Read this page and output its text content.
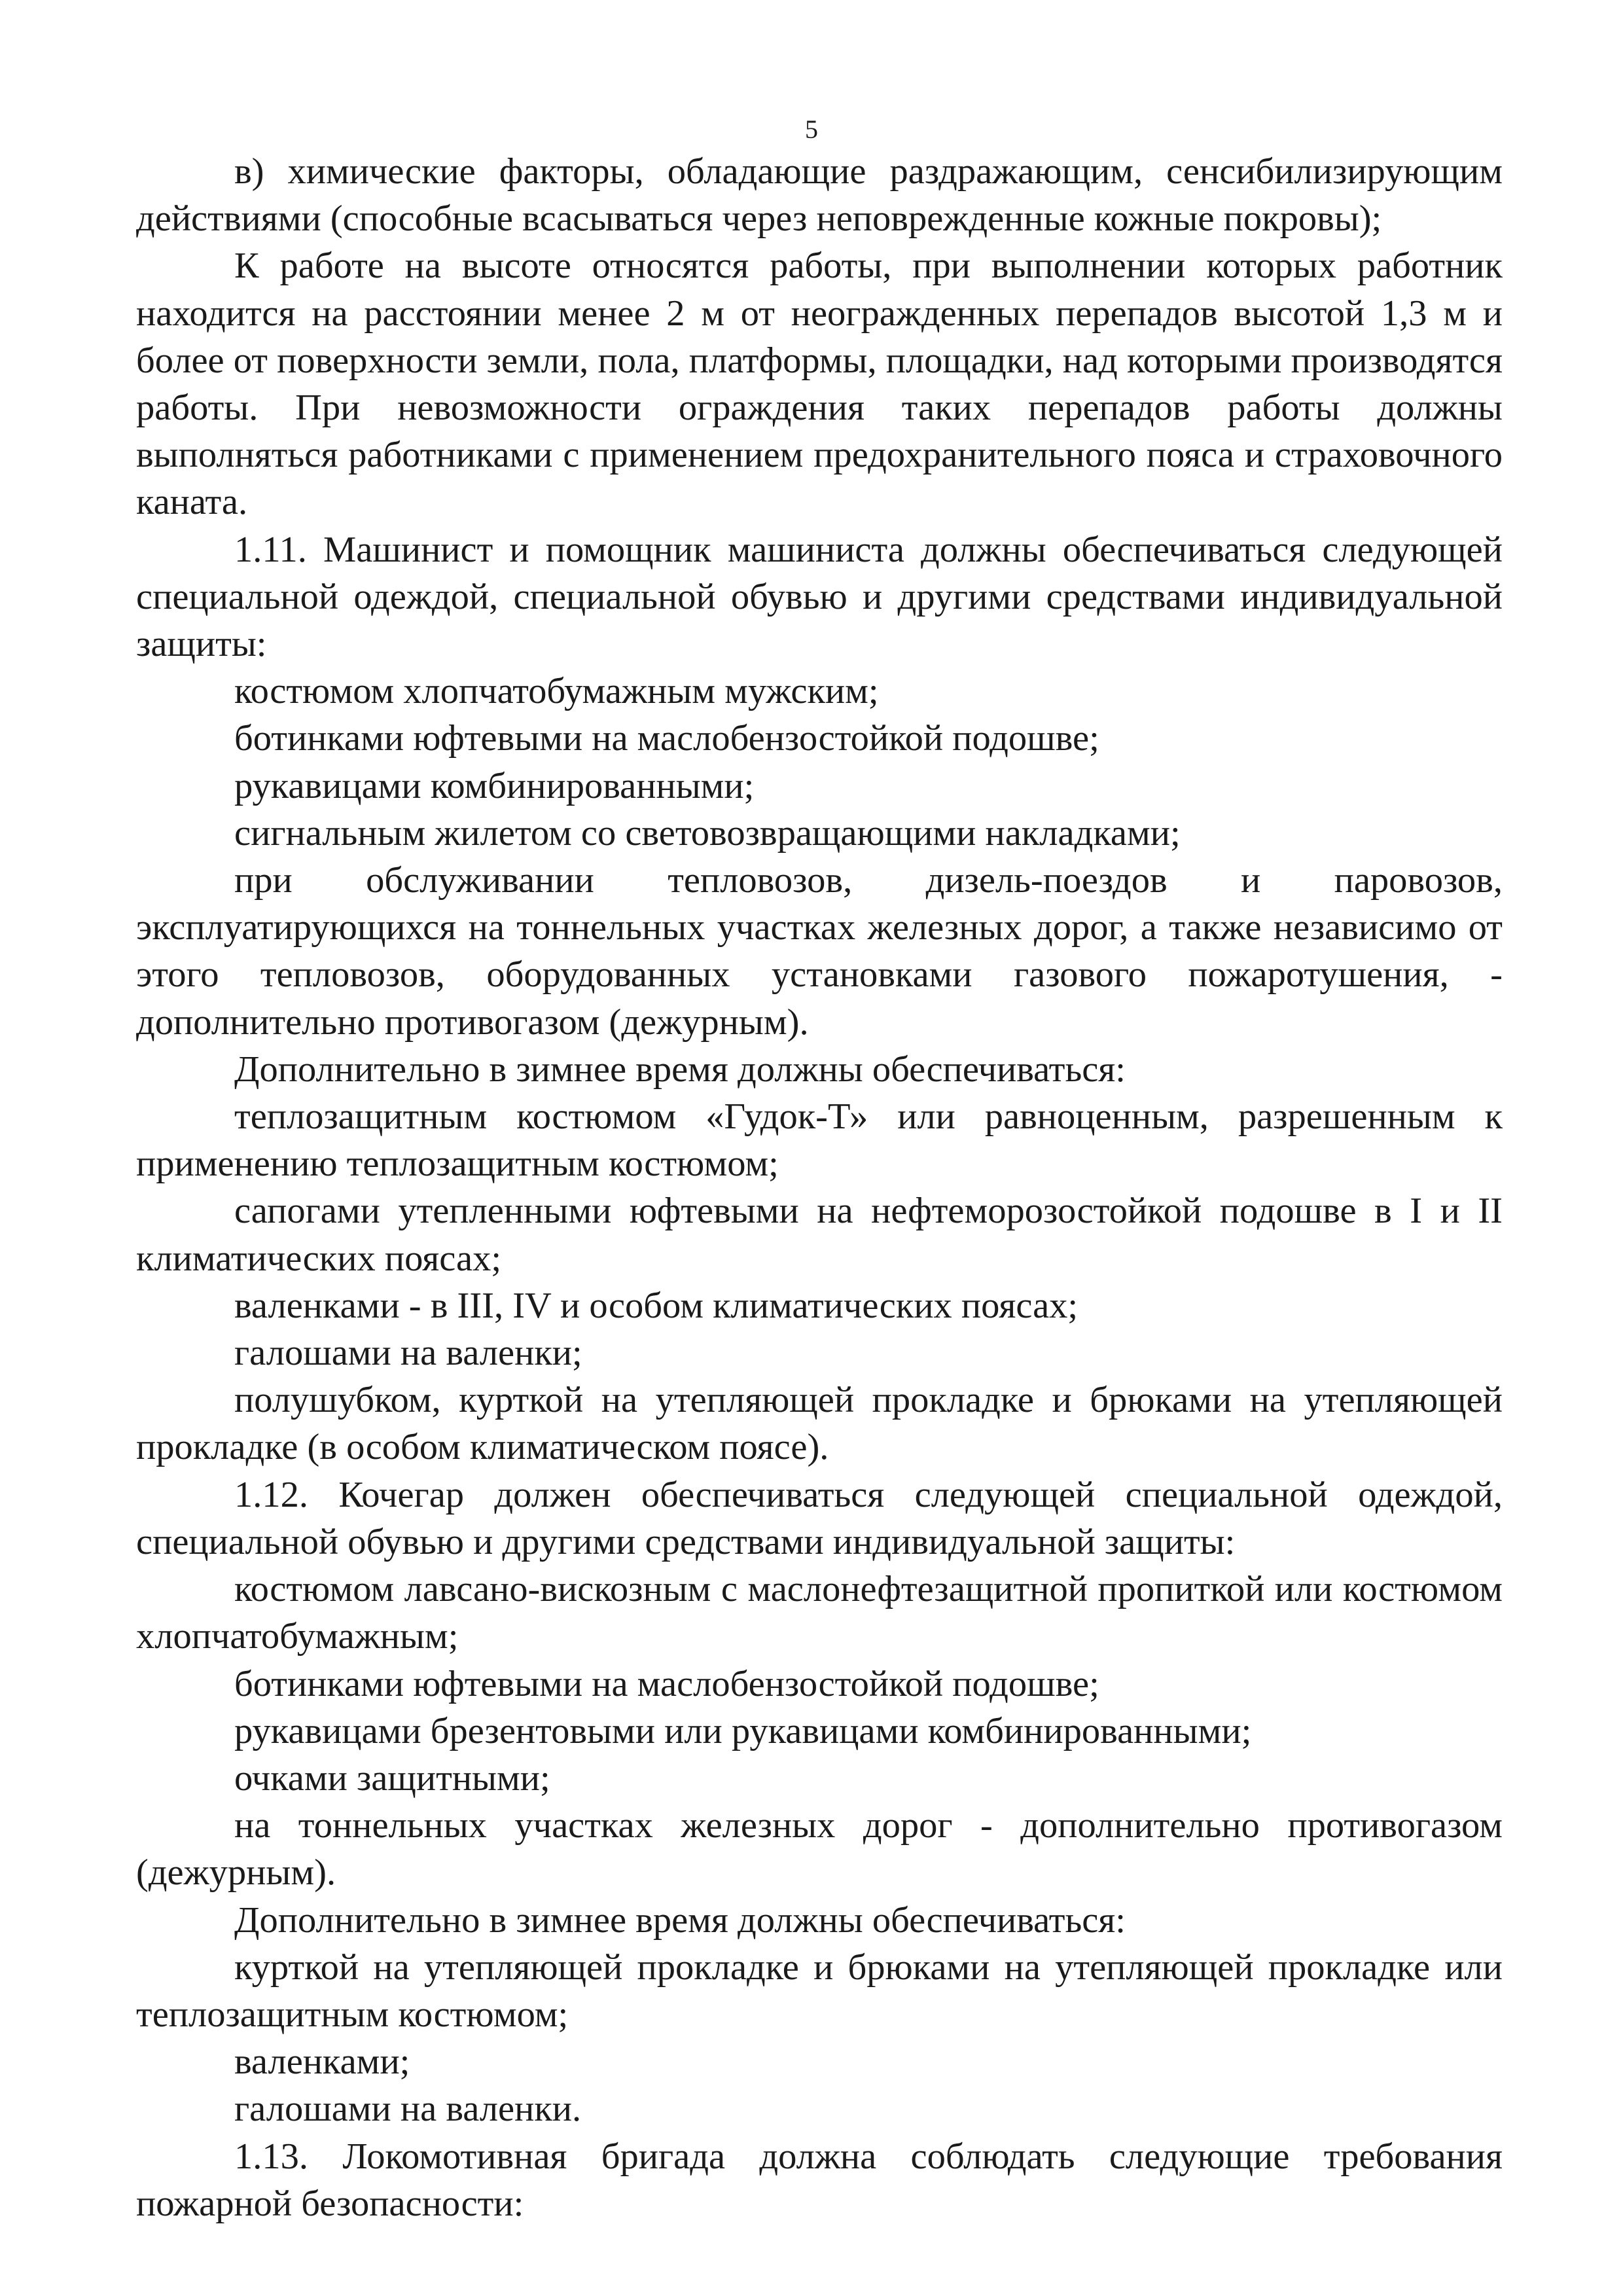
5

в) химические факторы, обладающие раздражающим, сенсибилизирующим действиями (способные всасываться через неповрежденные кожные покровы);

К работе на высоте относятся работы, при выполнении которых работник находится на расстоянии менее 2 м от неогражденных перепадов высотой 1,3 м и более от поверхности земли, пола, платформы, площадки, над которыми производятся работы. При невозможности ограждения таких перепадов работы должны выполняться работниками с применением предохранительного пояса и страховочного каната.

1.11. Машинист и помощник машиниста должны обеспечиваться следующей специальной одеждой, специальной обувью и другими средствами индивидуальной защиты:

костюмом хлопчатобумажным мужским;

ботинками юфтевыми на маслобензостойкой подошве;

рукавицами комбинированными;

сигнальным жилетом со световозвращающими накладками;

при обслуживании тепловозов, дизель-поездов и паровозов, эксплуатирующихся на тоннельных участках железных дорог, а также независимо от этого тепловозов, оборудованных установками газового пожаротушения, - дополнительно противогазом (дежурным).

Дополнительно в зимнее время должны обеспечиваться:

теплозащитным костюмом «Гудок-Т» или равноценным, разрешенным к применению теплозащитным костюмом;

сапогами утепленными юфтевыми на нефтеморозостойкой подошве в I и II климатических поясах;

валенками - в III, IV и особом климатических поясах;

галошами на валенки;

полушубком, курткой на утепляющей прокладке и брюками на утепляющей прокладке (в особом климатическом поясе).

1.12. Кочегар должен обеспечиваться следующей специальной одеждой, специальной обувью и другими средствами индивидуальной защиты:

костюмом лавсано-вискозным с маслонефтезащитной пропиткой или костюмом хлопчатобумажным;

ботинками юфтевыми на маслобензостойкой подошве;

рукавицами брезентовыми или рукавицами комбинированными;

очками защитными;

на тоннельных участках железных дорог - дополнительно противогазом (дежурным).

Дополнительно в зимнее время должны обеспечиваться:

курткой на утепляющей прокладке и брюками на утепляющей прокладке или теплозащитным костюмом;

валенками;

галошами на валенки.

1.13. Локомотивная бригада должна соблюдать следующие требования пожарной безопасности:
